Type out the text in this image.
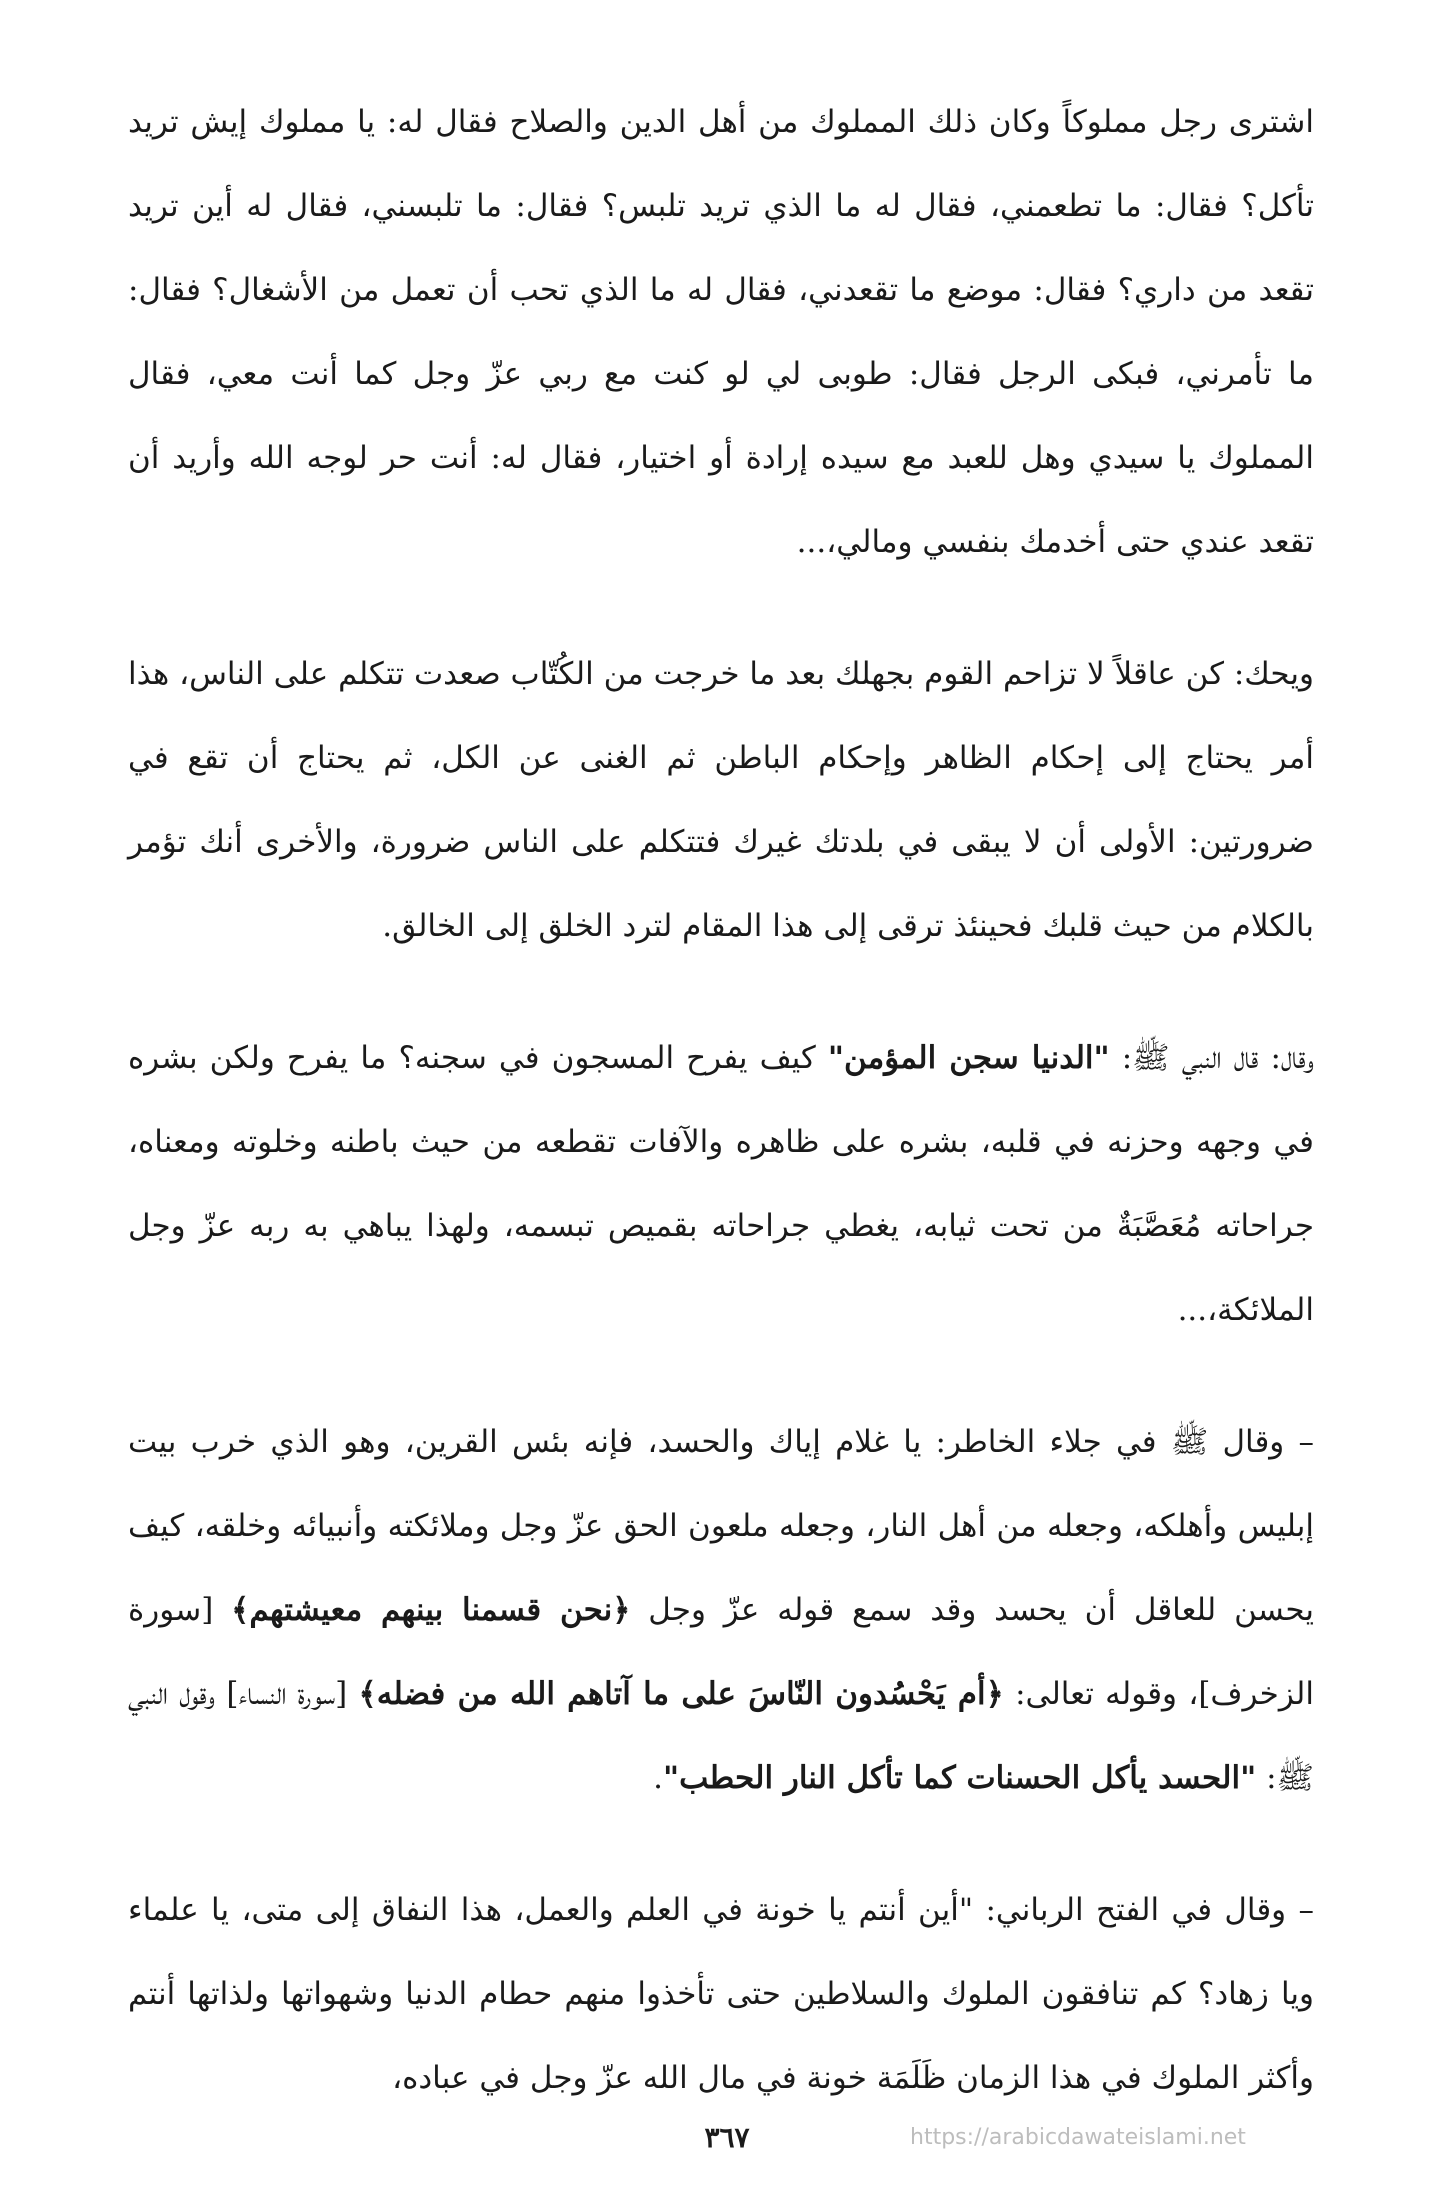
اشترى رجل مملوكاً وكان ذلك المملوك من أهل الدين والصلاح فقال له: يا مملوك إيش تريد تأكل؟ فقال: ما تطعمني، فقال له ما الذي تريد تلبس؟ فقال: ما تلبسني، فقال له أين تريد تقعد من داري؟ فقال: موضع ما تقعدني، فقال له ما الذي تحب أن تعمل من الأشغال؟ فقال: ما تأمرني، فبكى الرجل فقال: طوبى لي لو كنت مع ربي عزّ وجل كما أنت معي، فقال المملوك يا سيدي وهل للعبد مع سيده إرادة أو اختيار، فقال له: أنت حر لوجه الله وأريد أن تقعد عندي حتى أخدمك بنفسي ومالي،...

ويحك: كن عاقلاً لا تزاحم القوم بجهلك بعد ما خرجت من الكُتّاب صعدت تتكلم على الناس، هذا أمر يحتاج إلى إحكام الظاهر وإحكام الباطن ثم الغنى عن الكل، ثم يحتاج أن تقع في ضرورتين: الأولى أن لا يبقى في بلدتك غيرك فتتكلم على الناس ضرورة، والأخرى أنك تؤمر بالكلام من حيث قلبك فحينئذ ترقى إلى هذا المقام لترد الخلق إلى الخالق.

وقال: قال النبي ﷺ: "الدنيا سجن المؤمن" كيف يفرح المسجون في سجنه؟ ما يفرح ولكن بشره في وجهه وحزنه في قلبه، بشره على ظاهره والآفات تقطعه من حيث باطنه وخلوته ومعناه، جراحاته مُعَصَّبَةٌ من تحت ثيابه، يغطي جراحاته بقميص تبسمه، ولهذا يباهي به ربه عزّ وجل الملائكة،...

– وقال ﷺ في جلاء الخاطر: يا غلام إياك والحسد، فإنه بئس القرين، وهو الذي خرب بيت إبليس وأهلكه، وجعله من أهل النار، وجعله ملعون الحق عزّ وجل وملائكته وأنبيائه وخلقه، كيف يحسن للعاقل أن يحسد وقد سمع قوله عزّ وجل ﴿نحن قسمنا بينهم معيشتهم﴾ [سورة الزخرف]، وقوله تعالى: ﴿أم يَحْسُدون النّاسَ على ما آتاهم الله من فضله﴾ [سورة النساء] وقول النبي ﷺ: "الحسد يأكل الحسنات كما تأكل النار الحطب".

– وقال في الفتح الرباني: "أين أنتم يا خونة في العلم والعمل، هذا النفاق إلى متى، يا علماء ويا زهاد؟ كم تنافقون الملوك والسلاطين حتى تأخذوا منهم حطام الدنيا وشهواتها ولذاتها أنتم وأكثر الملوك في هذا الزمان ظَلَمَة خونة في مال الله عزّ وجل في عباده،

٣٦٧	https://arabicdawateislami.net
